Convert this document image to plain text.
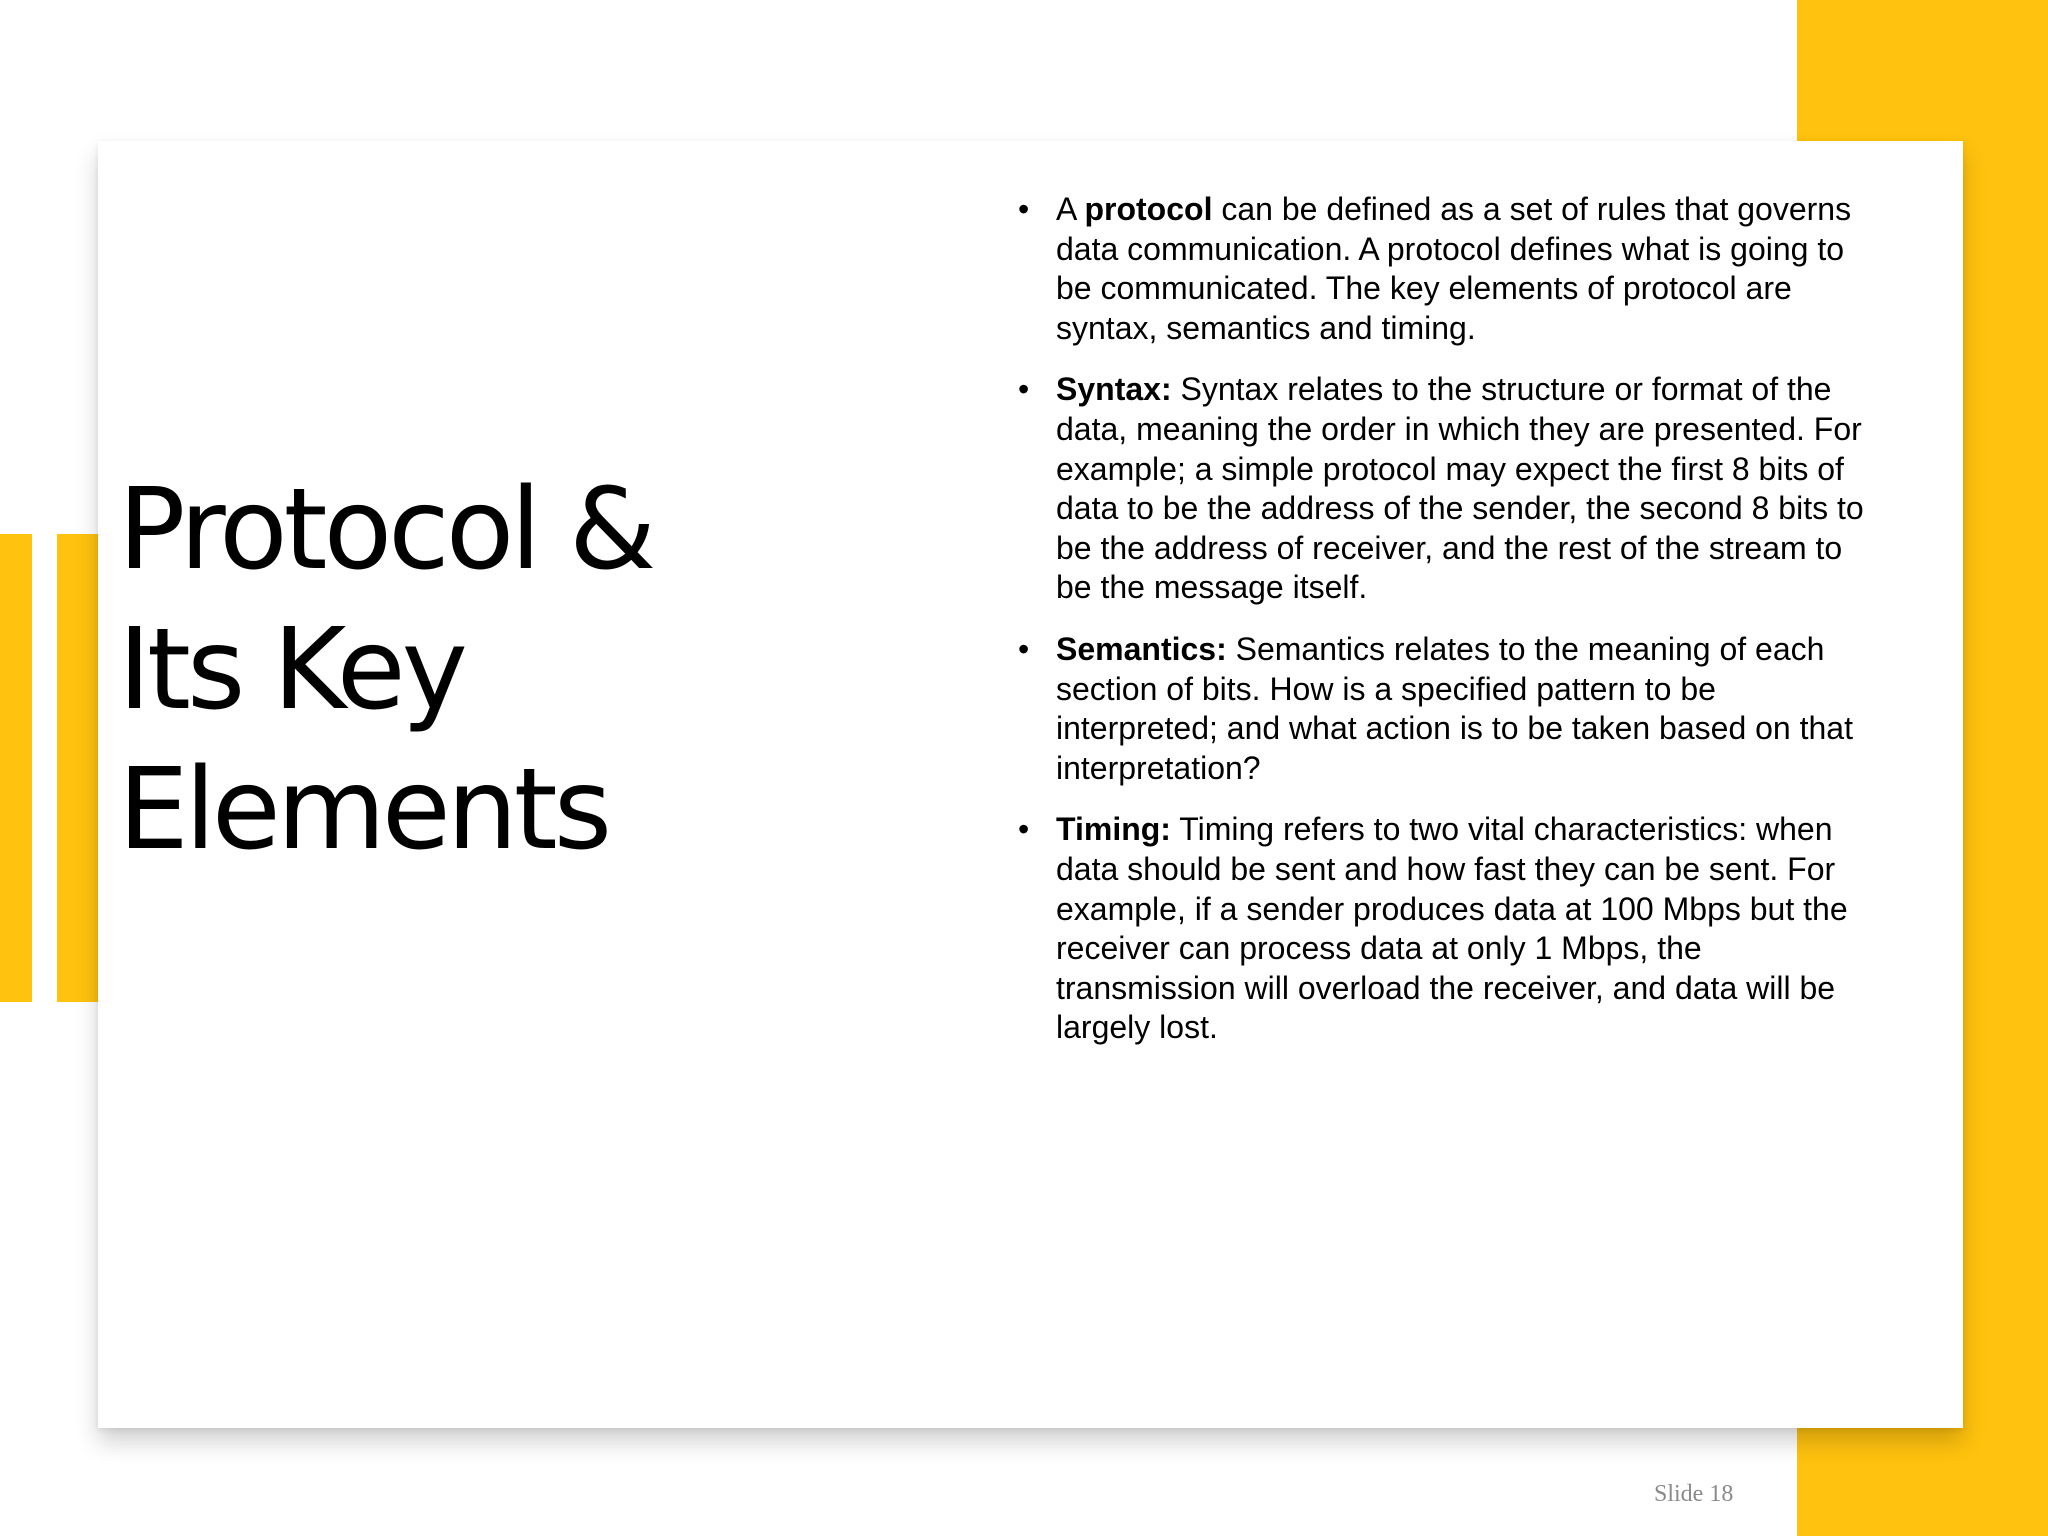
Protocol &
Its Key
Elements
• A protocol can be defined as a set of rules that governs data communication. A protocol defines what is going to be communicated. The key elements of protocol are syntax, semantics and timing.
• Syntax: Syntax relates to the structure or format of the data, meaning the order in which they are presented. For example; a simple protocol may expect the first 8 bits of data to be the address of the sender, the second 8 bits to be the address of receiver, and the rest of the stream to be the message itself.
• Semantics: Semantics relates to the meaning of each section of bits. How is a specified pattern to be interpreted; and what action is to be taken based on that interpretation?
• Timing: Timing refers to two vital characteristics: when data should be sent and how fast they can be sent. For example, if a sender produces data at 100 Mbps but the receiver can process data at only 1 Mbps, the transmission will overload the receiver, and data will be largely lost.
Slide 18
